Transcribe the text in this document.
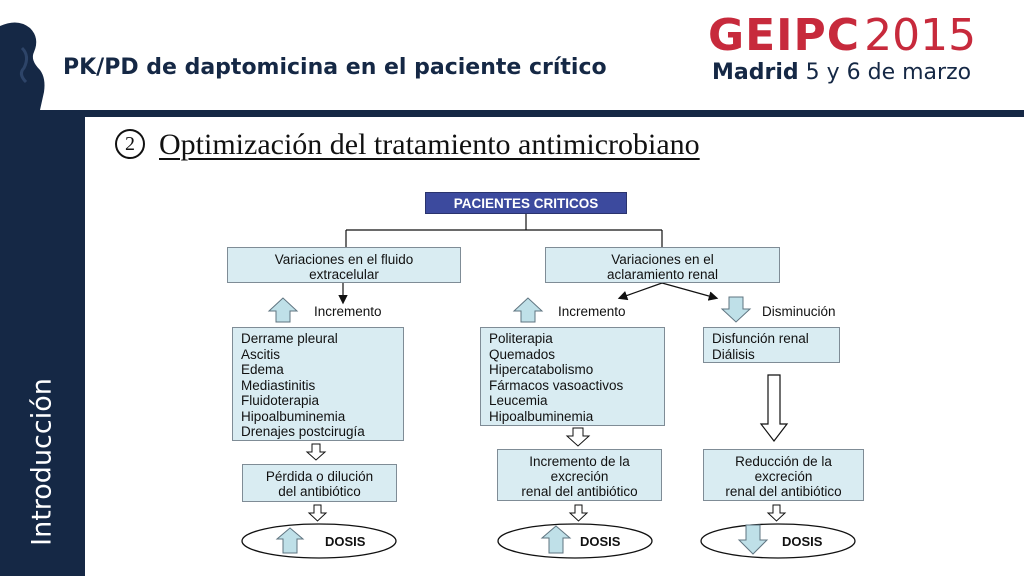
PK/PD de daptomicina en el paciente crítico
GEIPC2015
Madrid 5 y 6 de marzo
Introducción
2 Optimización del tratamiento antimicrobiano
PACIENTES CRITICOS
Variaciones en el fluido
extracelular
Variaciones en el
aclaramiento renal
Incremento	Incremento	Disminución
Derrame pleural
Ascitis
Edema
Mediastinitis
Fluidoterapia
Hipoalbuminemia
Drenajes postcirugía
Politerapia
Quemados
Hipercatabolismo
Fármacos vasoactivos
Leucemia
Hipoalbuminemia
Disfunción renal
Diálisis
Pérdida o dilución
del antibiótico
Incremento de la
excreción
renal del antibiótico
Reducción de la
excreción
renal del antibiótico
DOSIS	DOSIS	DOSIS
